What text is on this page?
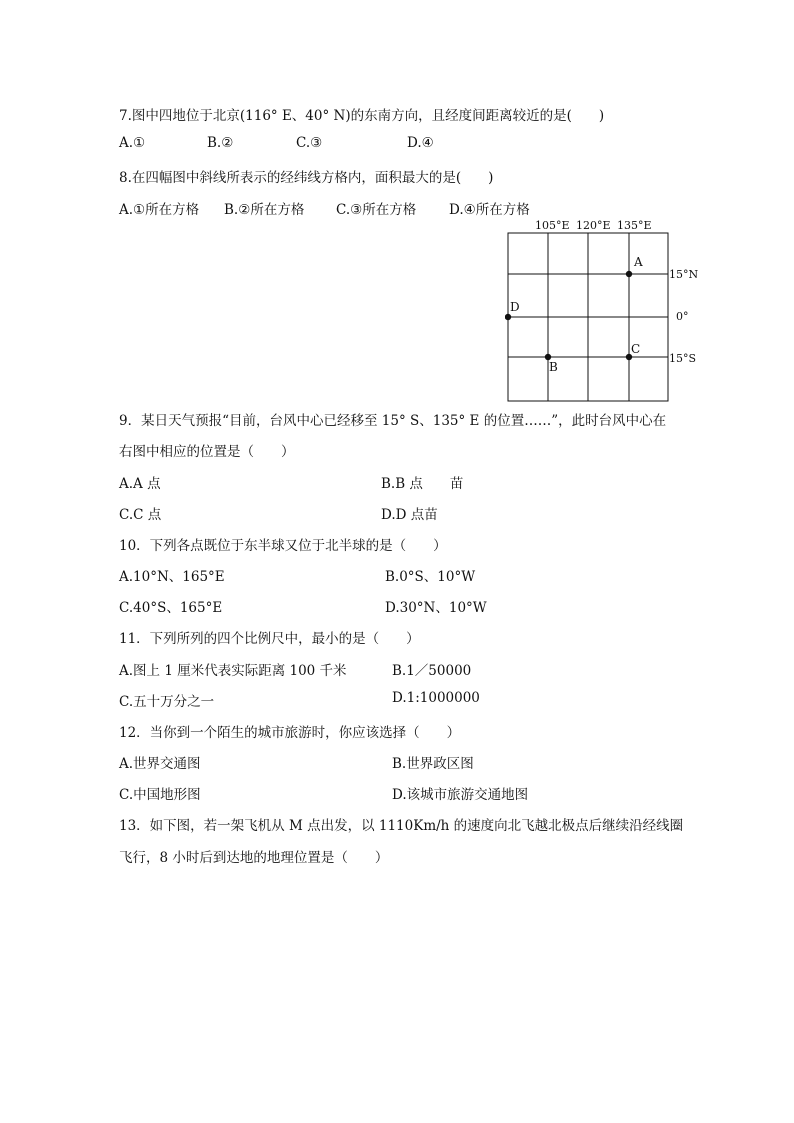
7.图中四地位于北京(116° E、40° N)的东南方向，且经度间距离较近的是(　　)
A.①	B.②	C.③	D.④
8.在四幅图中斜线所表示的经纬线方格内，面积最大的是(　　)
A.①所在方格 B.②所在方格 C.③所在方格 D.④所在方格
105°E 120°E 135°E
15°N
0°
15°S
A
B
C
D
9．某日天气预报“目前，台风中心已经移至 15° S、135° E 的位置……”，此时台风中心在
右图中相应的位置是（　　）
A.A 点	B.B 点　　苗
C.C 点	D.D 点苗
10．下列各点既位于东半球又位于北半球的是（　　）
A.10°N、165°E	B.0°S、10°W
C.40°S、165°E	D.30°N、10°W
11．下列所列的四个比例尺中，最小的是（　　）
A.图上 1 厘米代表实际距离 100 千米	B.1／50000
C.五十万分之一	D.1:1000000
12．当你到一个陌生的城市旅游时，你应该选择（　　）
A.世界交通图	B.世界政区图
C.中国地形图	D.该城市旅游交通地图
13．如下图，若一架飞机从 M 点出发，以 1110Km/h 的速度向北飞越北极点后继续沿经线圈
飞行，8 小时后到达地的地理位置是（　　）
